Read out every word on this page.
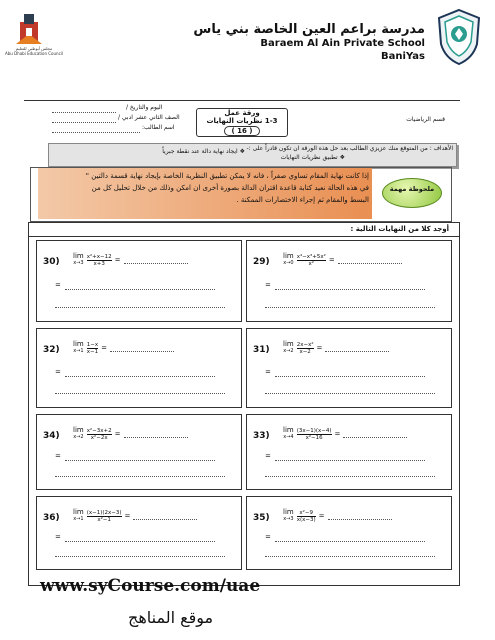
مجلس أبوظبي للتعليم
Abu Dhabi Education Council
مدرسة براعم العين الخاصة بني ياس
Baraem Al Ain Private School
BaniYas
قسم الرياضيات
ورقة عمل
1-3 نظريات النهايات
( 16 )
اليوم والتاريخ /
الصف الثاني عشر ادبي /
اسم الطالب:
الأهداف : من المتوقع منك عزيزي الطالب بعد حل هذه الورقة ان تكون قادراً على :-
❖ تطبيق نظريات النهايات
❖ ايجاد نهاية دالة عند نقطة جبرياً
إذا كانت نهاية المقام تساوي صفراً ، فانه لا يمكن تطبيق النظرية الخاصة بإيجاد نهاية قسمة دالتين "
في هذه الحالة نعيد كتابة قاعدة اقتران الدالة بصورة أخرى ان امكن وذلك من خلال تحليل كل من
البسط والمقام ثم إجراء الاختصارات الممكنة .
ملحوظة مهمة
أوجد كلا من النهايات التالية :
29)
lim
$x\to 0 \frac{\text{x⁴−x³+5x²}}{\text{x²}}$ =
=
30)
lim
$x\to 3 \frac{\text{x²+x−12}}{x+3}$ =
=
31)
lim
$x\to 2 \frac{\text{2x−x²}}{x-2}$ =
=
32)
lim
$x\to 1 \frac{1-x}{x-1}$ =
=
33)
lim
$x\to 4 \frac{(3x-1)(x-4)}{\text{x²−16}}$ =
=
34)
lim
$x\to 2 \frac{\text{x²−3x+2}}{\text{x²−2x}}$ =
=
35)
lim
$x\to 3 \frac{\text{x²−9}}{x(x-3)}$ =
=
36)
lim
$x\to 1 \frac{(x-1)(2x-3)}{\text{x²−1}}$ =
=
www.syCourse.com/uae
موقع المناهج
